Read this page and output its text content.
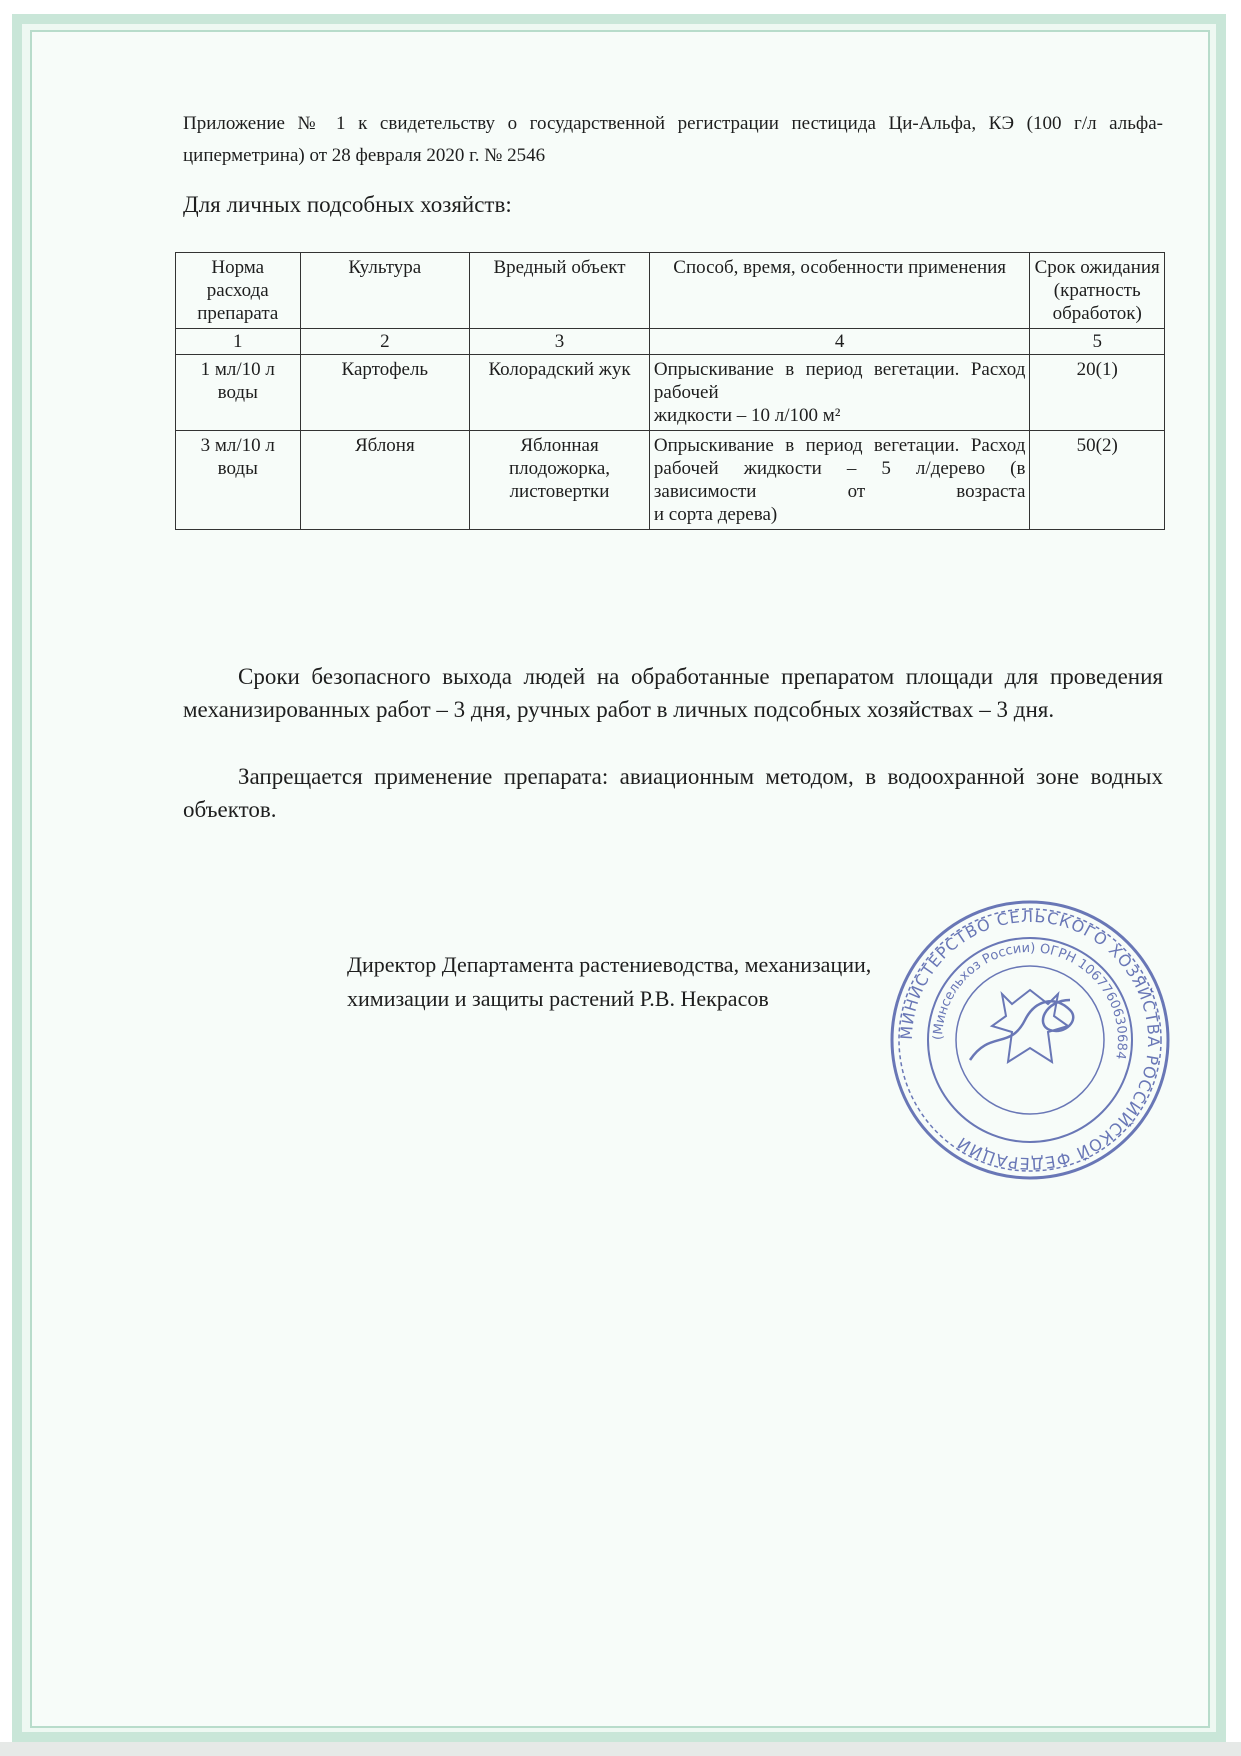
Приложение № 1 к свидетельству о государственной регистрации пестицида Ци-Альфа, КЭ (100 г/л альфа-циперметрина) от 28 февраля 2020 г. № 2546
Для личных подсобных хозяйств:
Норма расхода препарата	Культура	Вредный объект	Способ, время, особенности применения	Срок ожидания (кратность обработок)
1	2	3	4	5
1 мл/10 л воды	Картофель	Колорадский жук	Опрыскивание в период вегетации. Расход рабочей
жидкости – 10 л/100 м²	20(1)
3 мл/10 л воды	Яблоня	Яблонная плодожорка, листовертки	Опрыскивание в период вегетации. Расход рабочей жидкости – 5 л/дерево (в зависимости от возраста
и сорта дерева)	50(2)
Сроки безопасного выхода людей на обработанные препаратом площади для проведения механизированных работ – 3 дня, ручных работ в личных подсобных хозяйствах – 3 дня.
Запрещается применение препарата: авиационным методом, в водоохранной зоне водных объектов.
Директор Департамента растениеводства, механизации,
химизации и защиты растений Р.В. Некрасов
МИНИСТЕРСТВО СЕЛЬСКОГО ХОЗЯЙСТВА РОССИЙСКОЙ ФЕДЕРАЦИИ
(Минсельхоз России) ОГРН 1067760630684
